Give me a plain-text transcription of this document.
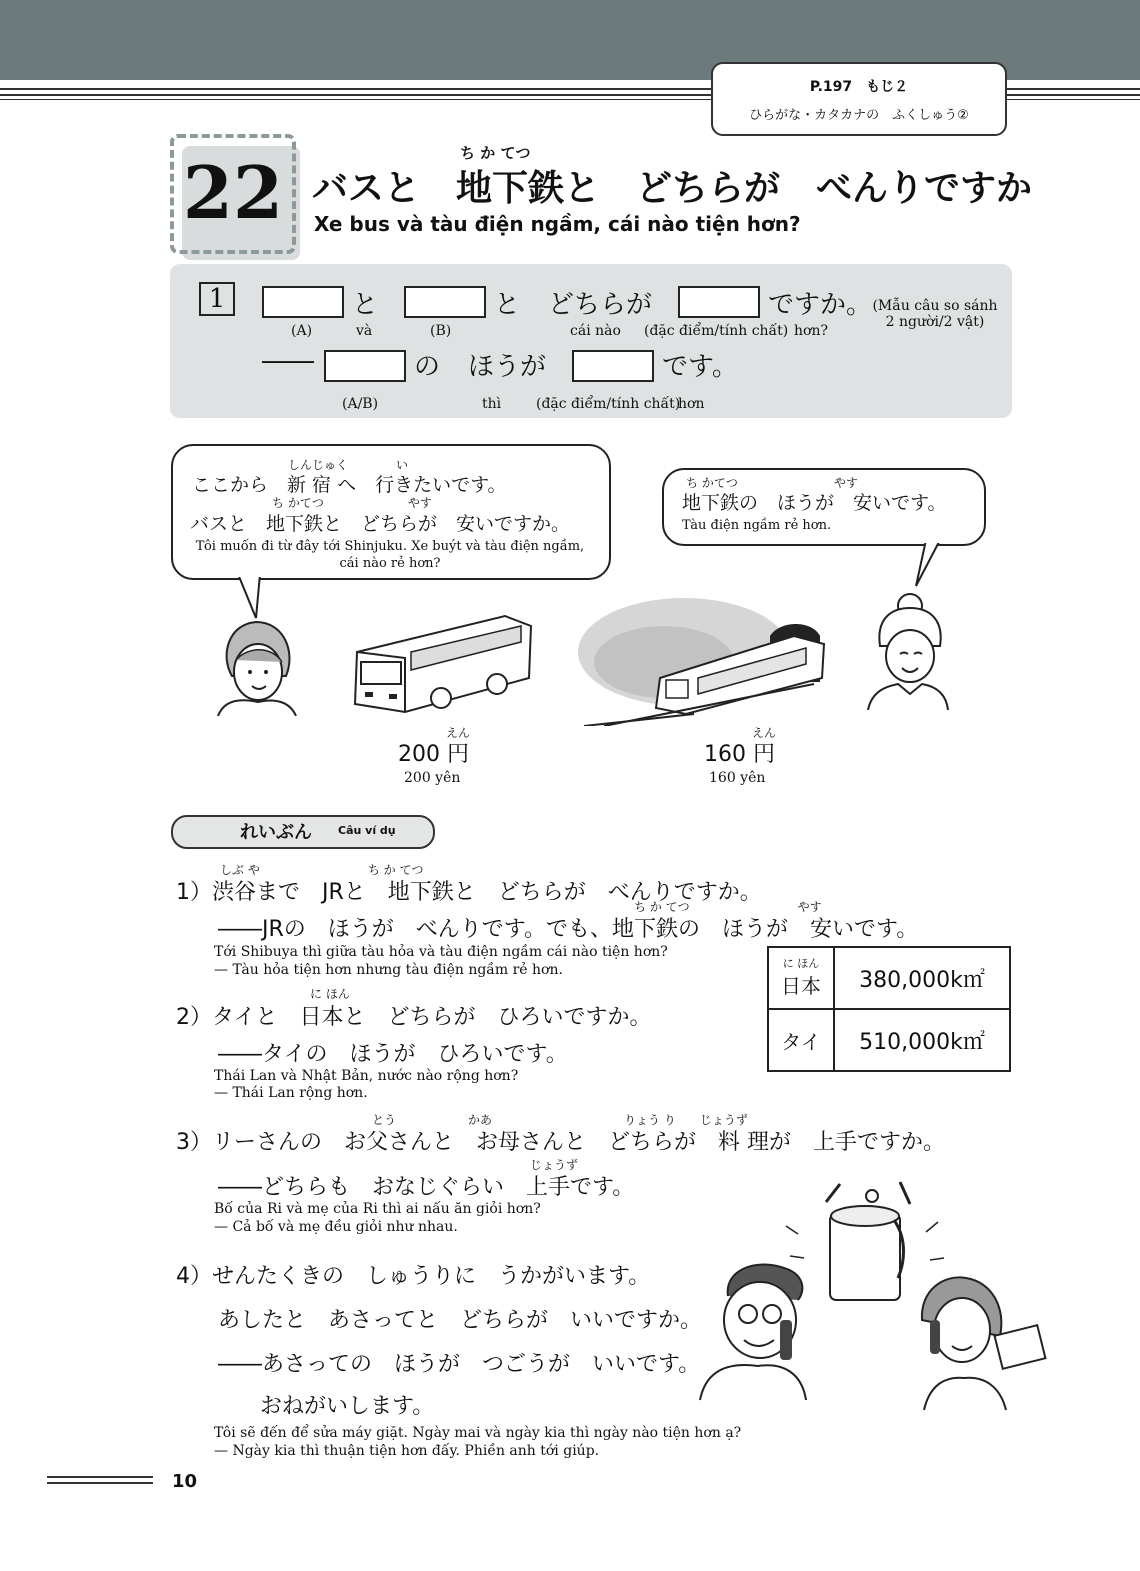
P.197　もじ２
ひらがな・カタカナの　ふくしゅう②
22	ち か てつ
バスと　地下鉄と　どちらが　べんりですか
Xe bus và tàu điện ngầm, cái nào tiện hơn?
1	と	と どちらが	ですか。 (Mẫu câu so sánh
2 người/2 vật)
(A)	và	(B)	cái nào (đặc điểm/tính chất) hơn?
――	の ほうが	です。
(A/B)	thì (đặc điểm/tính chất)
hơn
しんじゅく　　　　い
ここから　新 宿 へ　行きたいです。
ち かてつ　　　　　　　やす
バスと　地下鉄と　どちらが　安いですか。
Tôi muốn đi từ đây tới Shinjuku. Xe buýt và tàu điện ngầm,
cái nào rẻ hơn?
ち かてつ　　　　　　　　やす
地下鉄の　ほうが　安いです。
Tàu điện ngầm rẻ hơn.
えん
200 円
200 yên
えん
160 円
160 yên
れいぶん Câu ví dụ
しぶ や　　　　　　　　　ち か てつ
1）渋谷まで　JRと　地下鉄と　どちらが　べんりですか。
ち か てつ　　　　　　　　　やす
――JRの　ほうが　べんりです。でも、地下鉄の　ほうが　安いです。
Tới Shibuya thì giữa tàu hỏa và tàu điện ngầm cái nào tiện hơn?
— Tàu hỏa tiện hơn nhưng tàu điện ngầm rẻ hơn.
に ほん
2）タイと　日本と　どちらが　ひろいですか。
――タイの　ほうが　ひろいです。
Thái Lan và Nhật Bản, nước nào rộng hơn?
— Thái Lan rộng hơn.
に ほん
日本	380,000k㎡
タイ	510,000k㎡
とう　　　　　　かあ　　　　　　　　　　　りょう り　　じょうず
3）リーさんの　お父さんと　お母さんと　どちらが　料 理が　上手ですか。
じょうず
――どちらも　おなじぐらい　上手です。
Bố của Ri và mẹ của Ri thì ai nấu ăn giỏi hơn?
— Cả bố và mẹ đều giỏi như nhau.
4）せんたくきの　しゅうりに　うかがいます。
あしたと　あさってと　どちらが　いいですか。
――あさっての　ほうが　つごうが　いいです。
おねがいします。
Tôi sẽ đến để sửa máy giặt. Ngày mai và ngày kia thì ngày nào tiện hơn ạ?
— Ngày kia thì thuận tiện hơn đấy. Phiền anh tới giúp.
10
